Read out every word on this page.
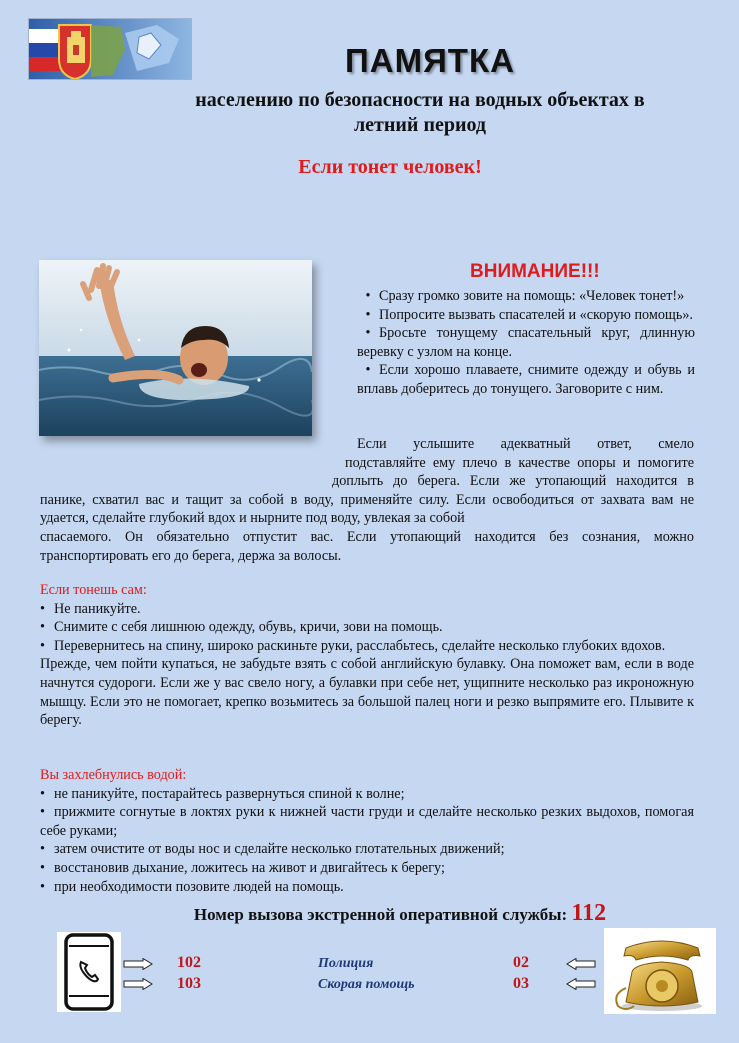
ПАМЯТКА
населению по безопасности на водных объектах в
летний период
Если тонет человек!
ВНИМАНИЕ!!!

• Сразу громко зовите на помощь: «Человек тонет!»

• Попросите вызвать спасателей и «скорую помощь».

• Бросьте тонущему спасательный круг, длинную веревку с узлом на конце.

• Если хорошо плаваете, снимите одежду и обувь и вплавь доберитесь до тонущего. Заговорите с ним.

Если услышите адекватный ответ, смело
подставляйте ему плечо в качестве опоры и помогите
доплыть до берега. Если же утопающий находится в
панике, схватил вас и тащит за собой в воду, применяйте силу. Если освободиться от захвата вам не
удается, сделайте глубокий вдох и нырните под воду, увлекая за собой
спасаемого. Он обязательно отпустит вас. Если утопающий находится без сознания, можно транспортировать его до берега, держа за волосы.
Если тонешь сам:
• Не паникуйте.
• Снимите с себя лишнюю одежду, обувь, кричи, зови на помощь.
• Перевернитесь на спину, широко раскиньте руки, расслабьтесь, сделайте несколько глубоких вдохов.
Прежде, чем пойти купаться, не забудьте взять с собой английскую булавку. Она поможет вам, если в воде начнутся судороги. Если же у вас свело ногу, а булавки при себе нет, ущипните несколько раз икроножную мышцу. Если это не помогает, крепко возьмитесь за большой палец ноги и резко выпрямите его. Плывите к берегу.
Вы захлебнулись водой:
• не паникуйте, постарайтесь развернуться спиной к волне;
• прижмите согнутые в локтях руки к нижней части груди и сделайте несколько резких выдохов, помогая себе руками;
• затем очистите от воды нос и сделайте несколько глотательных движений;
• восстановив дыхание, ложитесь на живот и двигайтесь к берегу;
• при необходимости позовите людей на помощь.
Номер вызова экстренной оперативной службы: 112
102
103
Полиция
Скорая помощь
02
03
